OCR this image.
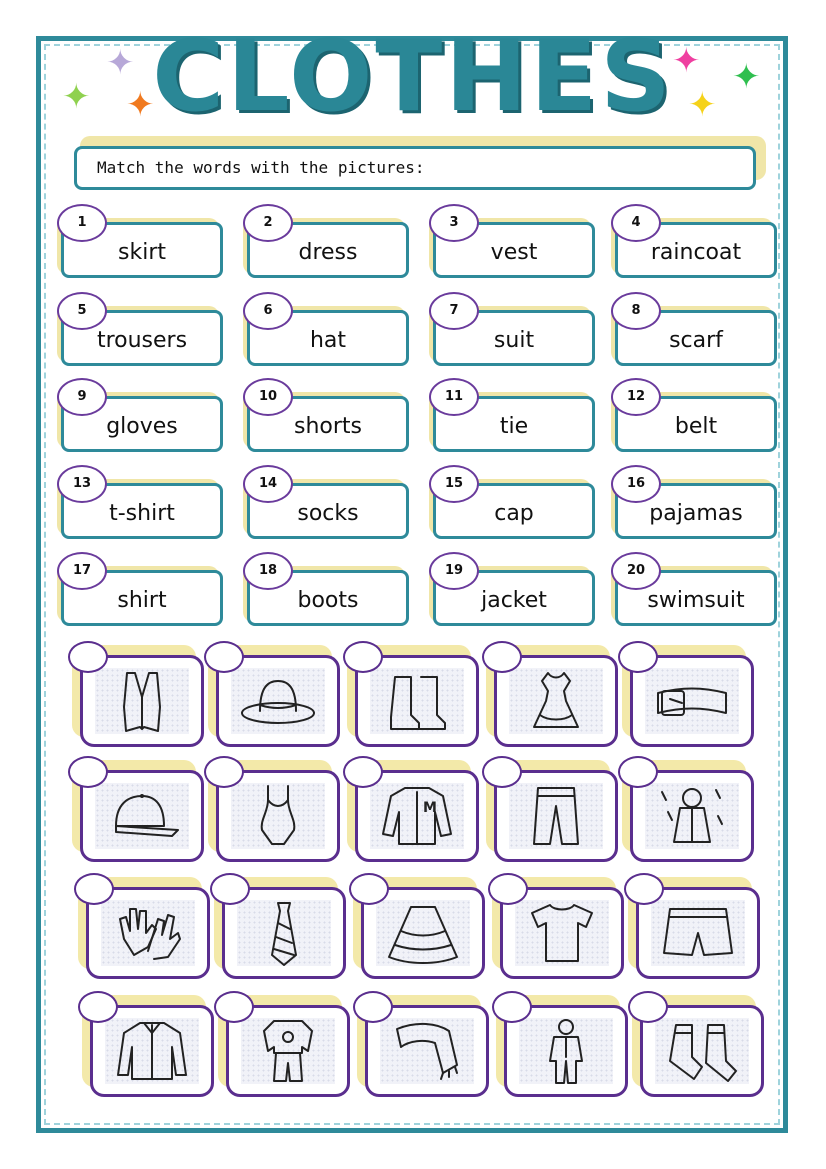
✦
✦ ✦
✦ ✦
✦
CLOTHES
Match the words with the pictures:
skirt
1
dress
2
vest
3
raincoat
4
trousers
5
hat
6
suit
7
scarf
8
gloves
9
shorts
10
tie
11
belt
12
t-shirt
13
socks
14
cap
15
pajamas
16
shirt
17
boots
18
jacket
19
swimsuit
20
M
